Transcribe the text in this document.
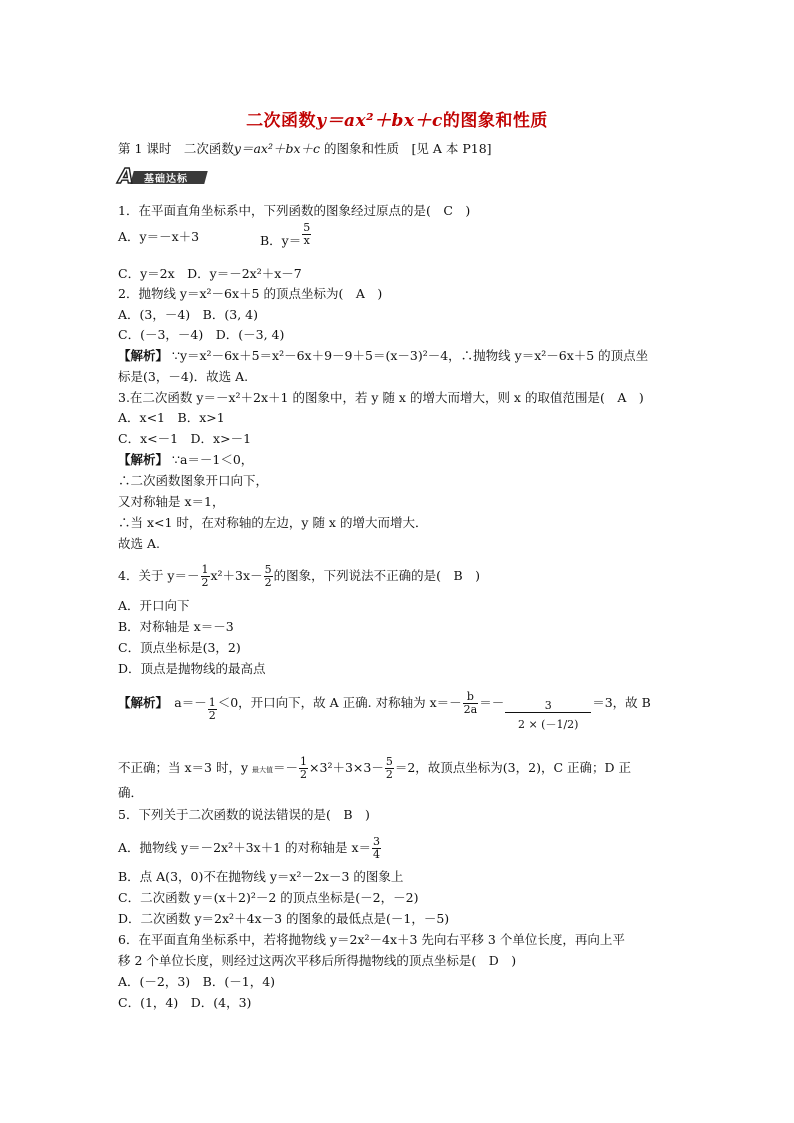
二次函数y＝ax²＋bx＋c的图象和性质
第 1 课时　二次函数y＝ax²＋bx＋c 的图象和性质　[见 A 本 P18]
A 基础达标
1．在平面直角坐标系中，下列函数的图象经过原点的是(　C　)
A．y＝－x＋3	B．$y= \frac{5}{x}$
C．y＝2x　D．y＝－2x²＋x－7
2．抛物线 y＝x²－6x＋5 的顶点坐标为(　A　)
A．(3，－4)　B．(3, 4)
C．(－3，－4)　D．(－3, 4)
【解析】 ∵y＝x²－6x＋5＝x²－6x＋9－9＋5＝(x－3)²－4，∴抛物线 y＝x²－6x＋5 的顶点坐
标是(3，－4)．故选 A.
3.在二次函数 y＝－x²＋2x＋1 的图象中，若 y 随 x 的增大而增大，则 x 的取值范围是(　A　)
A．x<1　B．x>1
C．x<－1　D．x>－1
【解析】 ∵a＝－1＜0，
∴二次函数图象开口向下，
又对称轴是 x＝1，
∴当 x<1 时，在对称轴的左边，y 随 x 的增大而增大．
故选 A.
4．关于 $y=- \frac{1}{2} x^2+3x- \frac{5}{2}$ 的图象，下列说法不正确的是(　B　)
A．开口向下
B．对称轴是 x＝－3
C．顶点坐标是(3，2)
D．顶点是抛物线的最高点
【解析】　$a=- \frac{1}{2} <0$，开口向下，故 A 正确. 对称轴为 $x=- \frac{b}{2a} =- \frac{3}{2 \times (-1/2)} =3$，故 B
不正确；当 x＝3 时，y 最大值＝－ $\frac{1}{2} \times 3^2+3\times 3- \frac{5}{2} =2$，故顶点坐标为(3，2)，C 正确；D 正
确．
5．下列关于二次函数的说法错误的是(　B　)
A．抛物线 y＝－2x²＋3x＋1 的对称轴是 $x= \frac{3}{4}$
B．点 A(3，0)不在抛物线 y＝x²－2x－3 的图象上
C．二次函数 y＝(x＋2)²－2 的顶点坐标是(－2，－2)
D．二次函数 y＝2x²＋4x－3 的图象的最低点是(－1，－5)
6．在平面直角坐标系中，若将抛物线 y＝2x²－4x＋3 先向右平移 3 个单位长度，再向上平
移 2 个单位长度，则经过这两次平移后所得抛物线的顶点坐标是(　D　)
A．(－2，3)　B．(－1，4)
C．(1，4)　D．(4，3)
